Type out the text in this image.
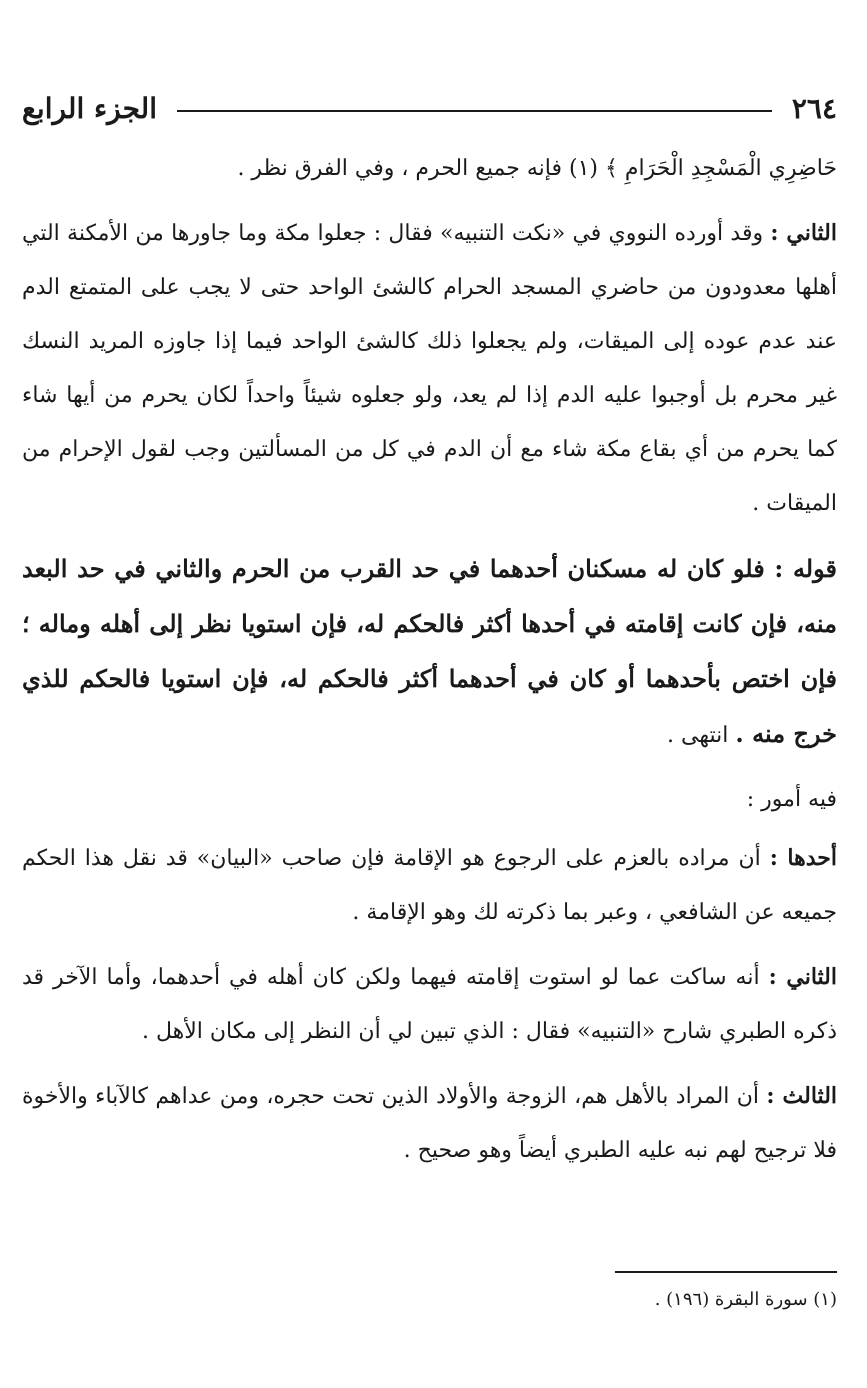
٢٦٤
الجزء الرابع

حَاضِرِي الْمَسْجِدِ الْحَرَامِ ﴾ (١) فإنه جميع الحرم ، وفي الفرق نظر .

الثاني : وقد أورده النووي في «نكت التنبيه» فقال : جعلوا مكة وما جاورها من الأمكنة التي أهلها معدودون من حاضري المسجد الحرام كالشئ الواحد حتى لا يجب على المتمتع الدم عند عدم عوده إلى الميقات، ولم يجعلوا ذلك كالشئ الواحد فيما إذا جاوزه المريد النسك غير محرم بل أوجبوا عليه الدم إذا لم يعد، ولو جعلوه شيئاً واحداً لكان يحرم من أيها شاء كما يحرم من أي بقاع مكة شاء مع أن الدم في كل من المسألتين وجب لقول الإحرام من الميقات .

قوله : فلو كان له مسكنان أحدهما في حد القرب من الحرم والثاني في حد البعد منه، فإن كانت إقامته في أحدها أكثر فالحكم له، فإن استويا نظر إلى أهله وماله ؛ فإن اختص بأحدهما أو كان في أحدهما أكثر فالحكم له، فإن استويا فالحكم للذي خرج منه . انتهى .

فيه أمور :

أحدها : أن مراده بالعزم على الرجوع هو الإقامة فإن صاحب «البيان» قد نقل هذا الحكم جميعه عن الشافعي ، وعبر بما ذكرته لك وهو الإقامة .

الثاني : أنه ساكت عما لو استوت إقامته فيهما ولكن كان أهله في أحدهما، وأما الآخر قد ذكره الطبري شارح «التنبيه» فقال : الذي تبين لي أن النظر إلى مكان الأهل .

الثالث : أن المراد بالأهل هم، الزوجة والأولاد الذين تحت حجره، ومن عداهم كالآباء والأخوة فلا ترجيح لهم نبه عليه الطبري أيضاً وهو صحيح .

(١) سورة البقرة (١٩٦) .
